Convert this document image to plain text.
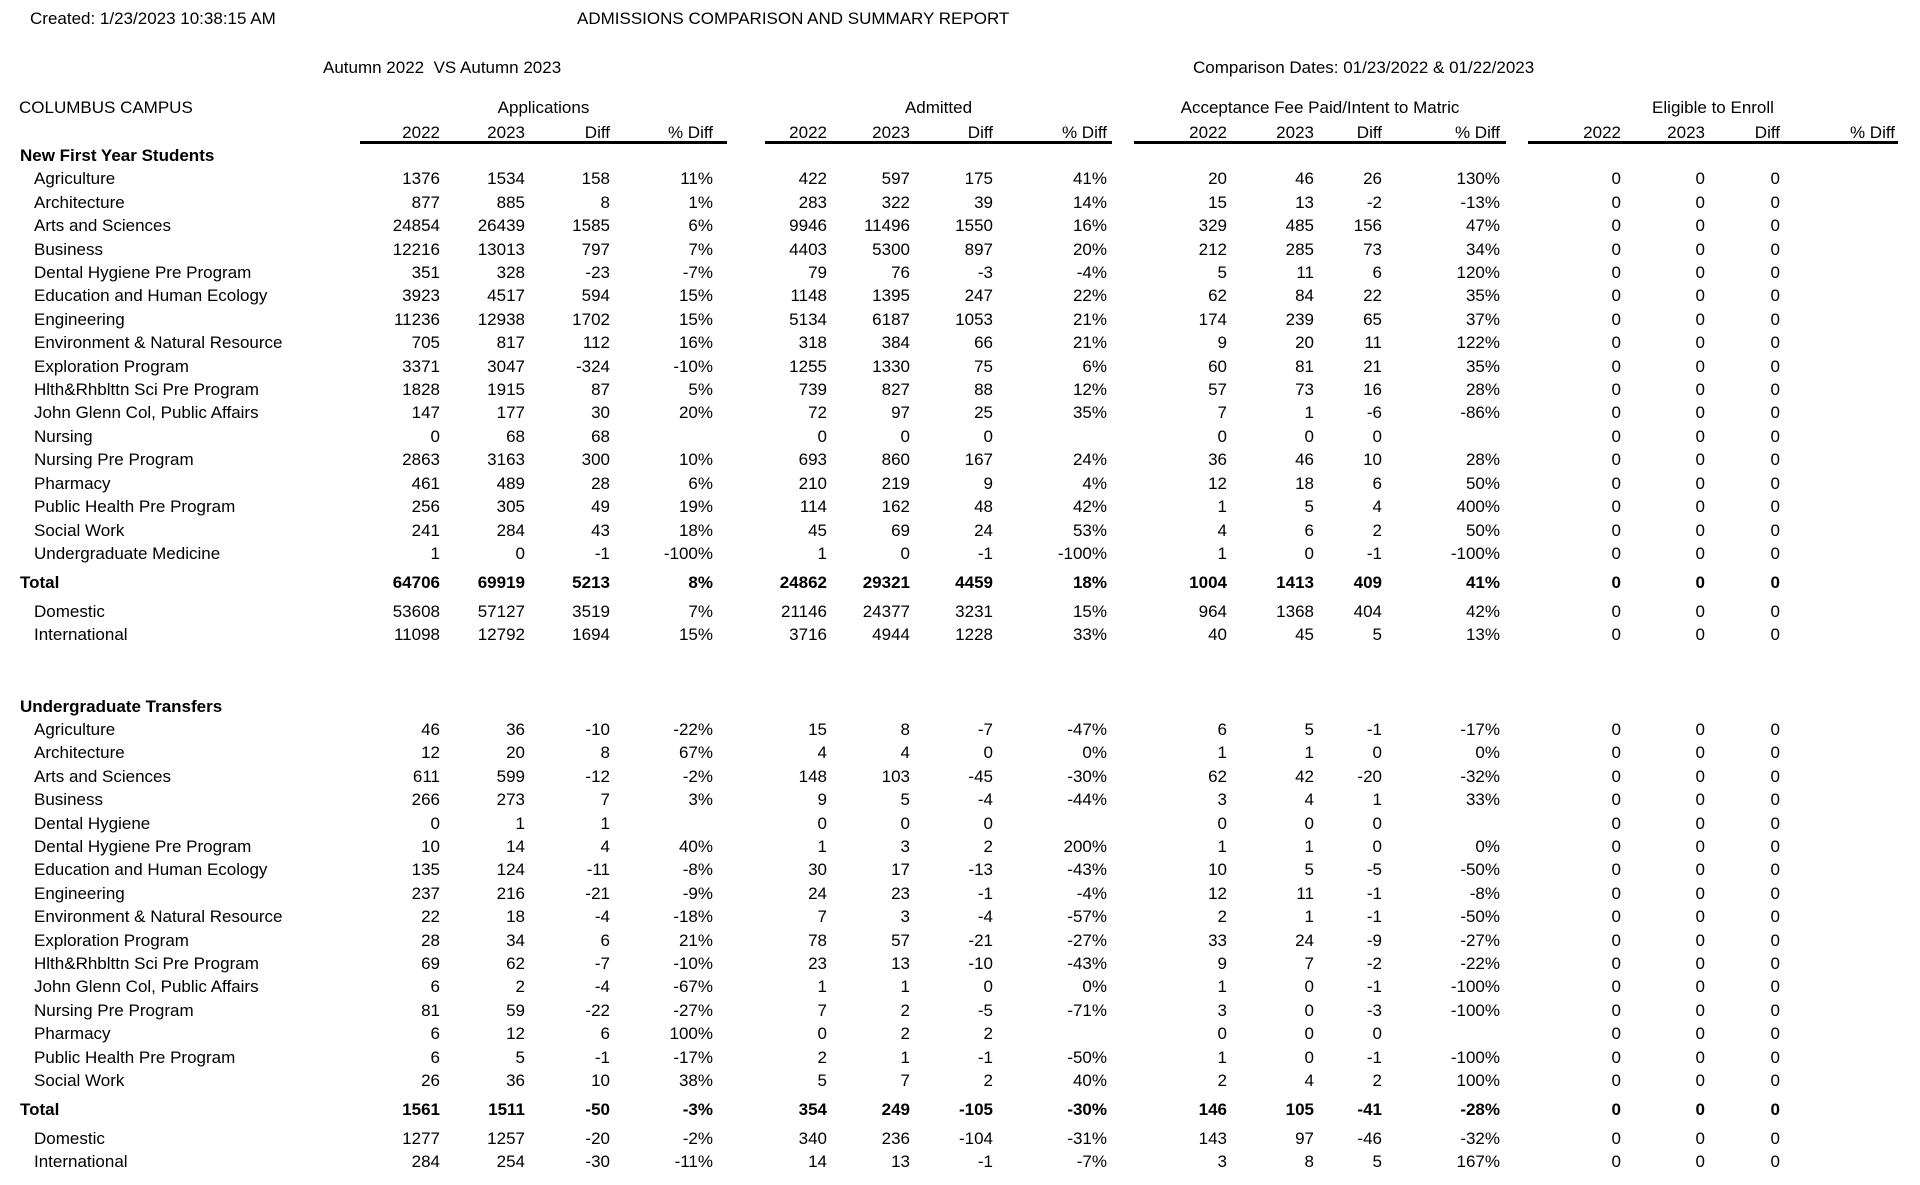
Created: 1/23/2023 10:38:15 AM	ADMISSIONS COMPARISON AND SUMMARY REPORT
Autumn 2022  VS Autumn 2023	Comparison Dates: 01/23/2022 & 01/22/2023
COLUMBUS CAMPUS	Applications	Admitted	Acceptance Fee Paid/Intent to Matric	Eligible to Enroll
	2022	2023	Diff	% Diff	2022	2023	Diff	% Diff	2022	2023	Diff	% Diff	2022	2023	Diff	% Diff
New First Year Students																
Agriculture	1376	1534	158	11%	422	597	175	41%	20	46	26	130%	0	0	0	
Architecture	877	885	8	1%	283	322	39	14%	15	13	-2	-13%	0	0	0	
Arts and Sciences	24854	26439	1585	6%	9946	11496	1550	16%	329	485	156	47%	0	0	0	
Business	12216	13013	797	7%	4403	5300	897	20%	212	285	73	34%	0	0	0	
Dental Hygiene Pre Program	351	328	-23	-7%	79	76	-3	-4%	5	11	6	120%	0	0	0	
Education and Human Ecology	3923	4517	594	15%	1148	1395	247	22%	62	84	22	35%	0	0	0	
Engineering	11236	12938	1702	15%	5134	6187	1053	21%	174	239	65	37%	0	0	0	
Environment & Natural Resource	705	817	112	16%	318	384	66	21%	9	20	11	122%	0	0	0	
Exploration Program	3371	3047	-324	-10%	1255	1330	75	6%	60	81	21	35%	0	0	0	
Hlth&Rhblttn Sci Pre Program	1828	1915	87	5%	739	827	88	12%	57	73	16	28%	0	0	0	
John Glenn Col, Public Affairs	147	177	30	20%	72	97	25	35%	7	1	-6	-86%	0	0	0	
Nursing	0	68	68		0	0	0		0	0	0		0	0	0	
Nursing Pre Program	2863	3163	300	10%	693	860	167	24%	36	46	10	28%	0	0	0	
Pharmacy	461	489	28	6%	210	219	9	4%	12	18	6	50%	0	0	0	
Public Health Pre Program	256	305	49	19%	114	162	48	42%	1	5	4	400%	0	0	0	
Social Work	241	284	43	18%	45	69	24	53%	4	6	2	50%	0	0	0	
Undergraduate Medicine	1	0	-1	-100%	1	0	-1	-100%	1	0	-1	-100%	0	0	0	
Total	64706	69919	5213	8%	24862	29321	4459	18%	1004	1413	409	41%	0	0	0	
Domestic	53608	57127	3519	7%	21146	24377	3231	15%	964	1368	404	42%	0	0	0	
International	11098	12792	1694	15%	3716	4944	1228	33%	40	45	5	13%	0	0	0	

Undergraduate Transfers																
Agriculture	46	36	-10	-22%	15	8	-7	-47%	6	5	-1	-17%	0	0	0	
Architecture	12	20	8	67%	4	4	0	0%	1	1	0	0%	0	0	0	
Arts and Sciences	611	599	-12	-2%	148	103	-45	-30%	62	42	-20	-32%	0	0	0	
Business	266	273	7	3%	9	5	-4	-44%	3	4	1	33%	0	0	0	
Dental Hygiene	0	1	1		0	0	0		0	0	0		0	0	0	
Dental Hygiene Pre Program	10	14	4	40%	1	3	2	200%	1	1	0	0%	0	0	0	
Education and Human Ecology	135	124	-11	-8%	30	17	-13	-43%	10	5	-5	-50%	0	0	0	
Engineering	237	216	-21	-9%	24	23	-1	-4%	12	11	-1	-8%	0	0	0	
Environment & Natural Resource	22	18	-4	-18%	7	3	-4	-57%	2	1	-1	-50%	0	0	0	
Exploration Program	28	34	6	21%	78	57	-21	-27%	33	24	-9	-27%	0	0	0	
Hlth&Rhblttn Sci Pre Program	69	62	-7	-10%	23	13	-10	-43%	9	7	-2	-22%	0	0	0	
John Glenn Col, Public Affairs	6	2	-4	-67%	1	1	0	0%	1	0	-1	-100%	0	0	0	
Nursing Pre Program	81	59	-22	-27%	7	2	-5	-71%	3	0	-3	-100%	0	0	0	
Pharmacy	6	12	6	100%	0	2	2		0	0	0		0	0	0	
Public Health Pre Program	6	5	-1	-17%	2	1	-1	-50%	1	0	-1	-100%	0	0	0	
Social Work	26	36	10	38%	5	7	2	40%	2	4	2	100%	0	0	0	
Total	1561	1511	-50	-3%	354	249	-105	-30%	146	105	-41	-28%	0	0	0	
Domestic	1277	1257	-20	-2%	340	236	-104	-31%	143	97	-46	-32%	0	0	0	
International	284	254	-30	-11%	14	13	-1	-7%	3	8	5	167%	0	0	0	
